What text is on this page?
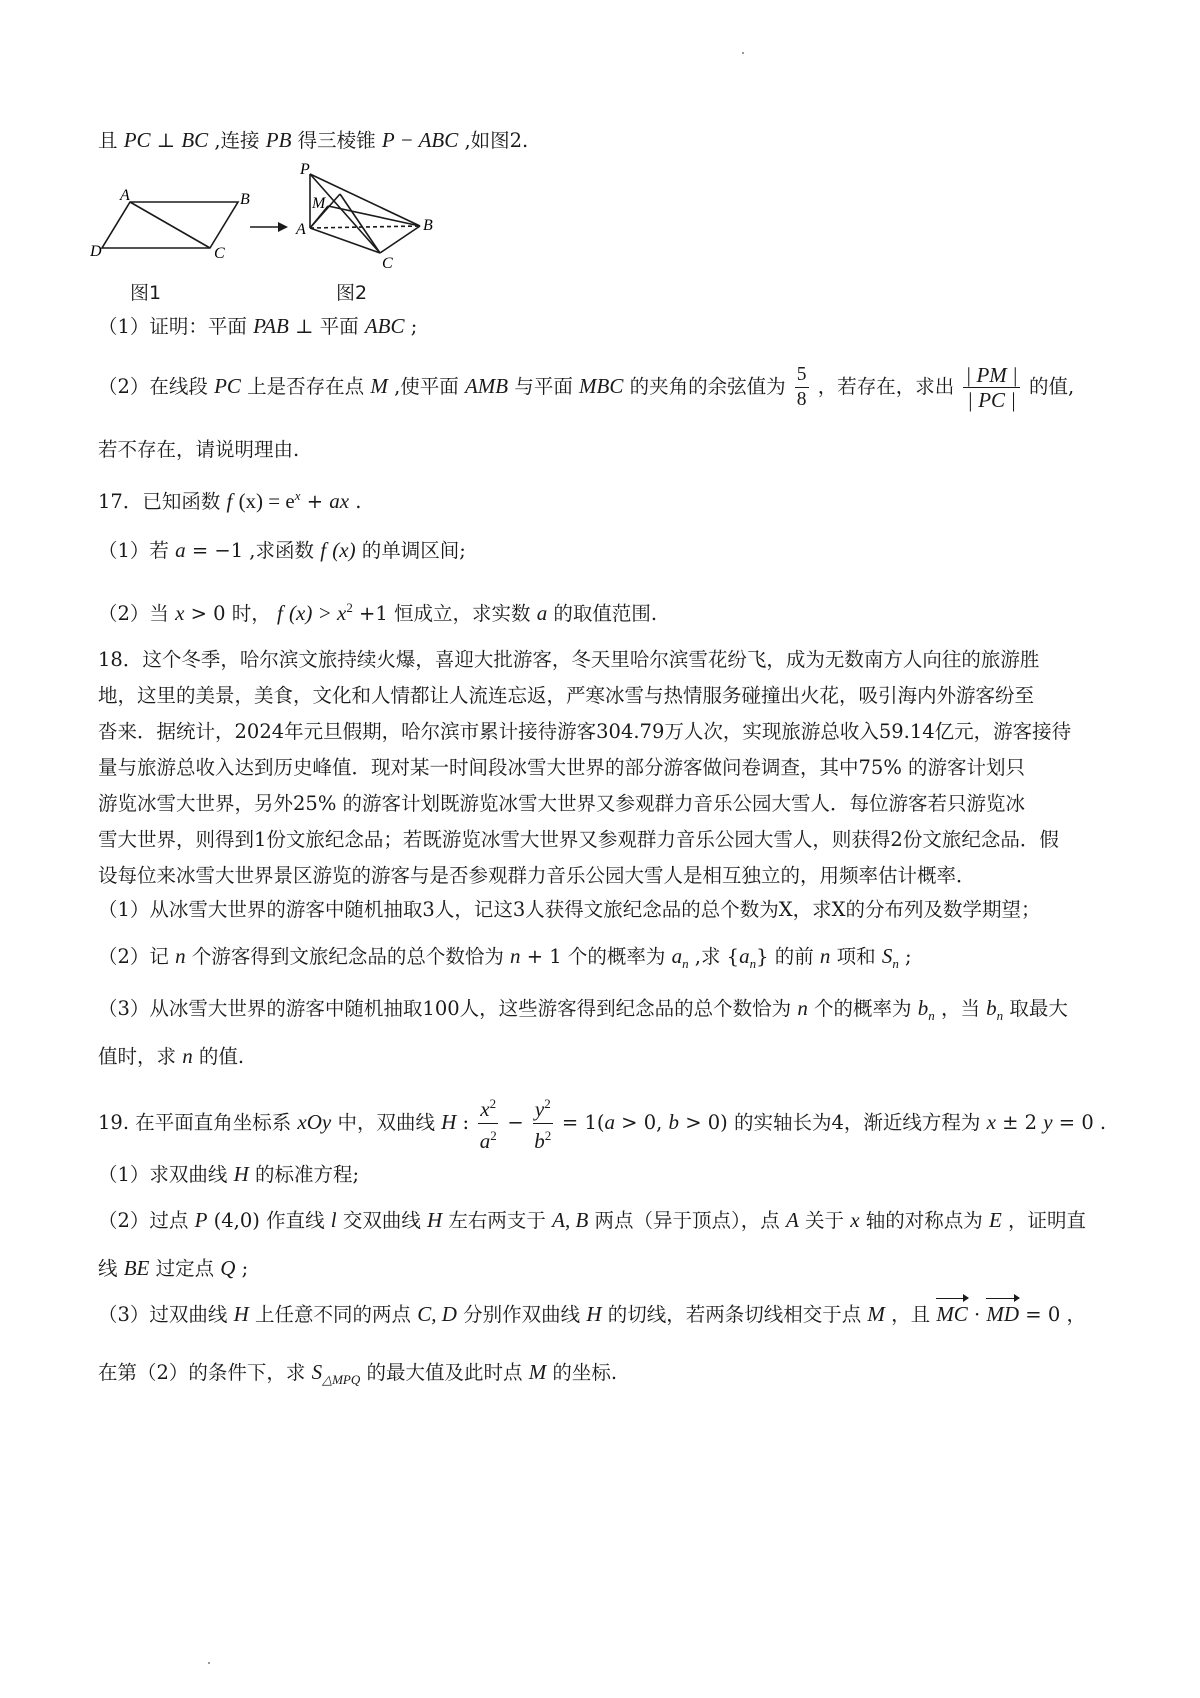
且 PC ⊥ BC ,连接 PB 得三棱锥 P − ABC ,如图2.
A	B
C
D
P
M
A	B
C
图1	图2
（1）证明：平面 PAB ⊥ 平面 ABC ;
（2）在线段 PC 上是否存在点 M ,使平面 AMB 与平面 MBC 的夹角的余弦值为 $\frac{5}{8}$ ，若存在，求出 $\frac{| PM |}{| PC |}$ 的值,
若不存在，请说明理由.
17．已知函数 f $(x) = e^x$ + ax .
（1）若 a = −1 ,求函数 f (x) 的单调区间;
（2）当 x > 0 时， f $(x) > x^2 +1$ 恒成立，求实数 a 的取值范围.
18．这个冬季，哈尔滨文旅持续火爆，喜迎大批游客，冬天里哈尔滨雪花纷飞，成为无数南方人向往的旅游胜
地，这里的美景，美食，文化和人情都让人流连忘返，严寒冰雪与热情服务碰撞出火花，吸引海内外游客纷至
沓来．据统计，2024年元旦假期，哈尔滨市累计接待游客304.79万人次，实现旅游总收入59.14亿元，游客接待
量与旅游总收入达到历史峰值．现对某一时间段冰雪大世界的部分游客做问卷调查，其中75% 的游客计划只
游览冰雪大世界，另外25% 的游客计划既游览冰雪大世界又参观群力音乐公园大雪人．每位游客若只游览冰
雪大世界，则得到1份文旅纪念品；若既游览冰雪大世界又参观群力音乐公园大雪人，则获得2份文旅纪念品．假
设每位来冰雪大世界景区游览的游客与是否参观群力音乐公园大雪人是相互独立的，用频率估计概率．
（1）从冰雪大世界的游客中随机抽取3人，记这3人获得文旅纪念品的总个数为X，求X的分布列及数学期望；
（2）记 n 个游客得到文旅纪念品的总个数恰为 n + 1 个的概率为 $a_n$ ,求 $\{a_n\}$ 的前 n 项和 $S_n$ ;
（3）从冰雪大世界的游客中随机抽取100人，这些游客得到纪念品的总个数恰为 n 个的概率为 $b_n$ ，当 $b_n$ 取最大
值时，求 n 的值.
19. 在平面直角坐标系 xOy 中，双曲线 H : $\frac{x^2}{a^2} - \frac{y^2}{b^2} = 1(a > 0$, b > 0) 的实轴长为4，渐近线方程为 x ± 2 y = 0 .
（1）求双曲线 H 的标准方程;
（2）过点 P (4,0) 作直线 l 交双曲线 H 左右两支于 A, B 两点（异于顶点），点 A 关于 x 轴的对称点为 E ，证明直
线 BE 过定点 Q ;
（3）过双曲线 H 上任意不同的两点 C, D 分别作双曲线 H 的切线，若两条切线相交于点 M ，且 MC · MD = 0 ，
在第（2）的条件下，求 $S_{\triangle MPQ}$ 的最大值及此时点 M 的坐标.
